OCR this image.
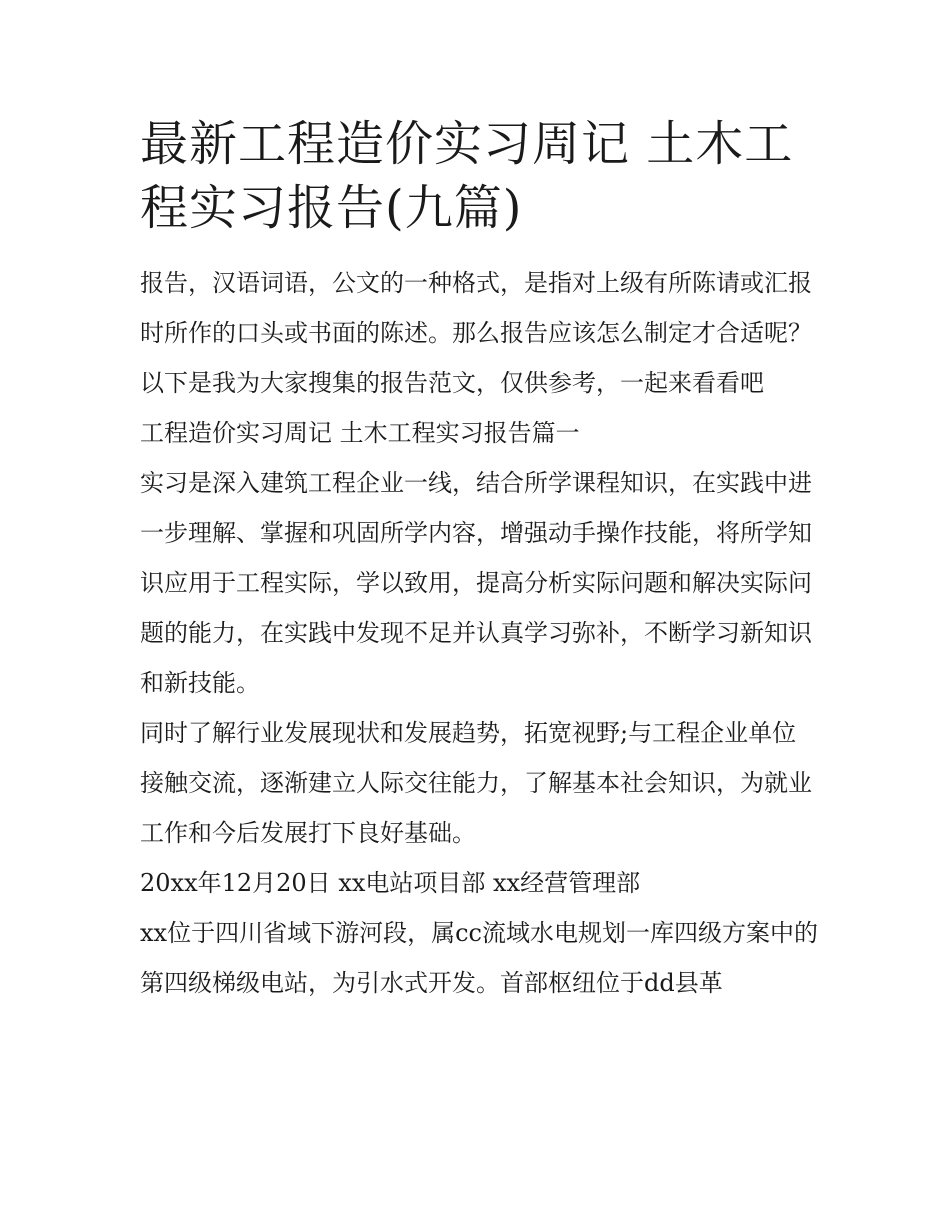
最新工程造价实习周记 土木工程实习报告(九篇)

报告，汉语词语，公文的一种格式，是指对上级有所陈请或汇报时所作的口头或书面的陈述。那么报告应该怎么制定才合适呢？以下是我为大家搜集的报告范文，仅供参考，一起来看看吧

工程造价实习周记 土木工程实习报告篇一

实习是深入建筑工程企业一线，结合所学课程知识，在实践中进一步理解、掌握和巩固所学内容，增强动手操作技能，将所学知识应用于工程实际，学以致用，提高分析实际问题和解决实际问题的能力，在实践中发现不足并认真学习弥补，不断学习新知识和新技能。

同时了解行业发展现状和发展趋势，拓宽视野;与工程企业单位接触交流，逐渐建立人际交往能力，了解基本社会知识，为就业工作和今后发展打下良好基础。

20xx年12月20日 xx电站项目部 xx经营管理部

xx位于四川省域下游河段，属cc流域水电规划一库四级方案中的第四级梯级电站，为引水式开发。首部枢纽位于dd县革
